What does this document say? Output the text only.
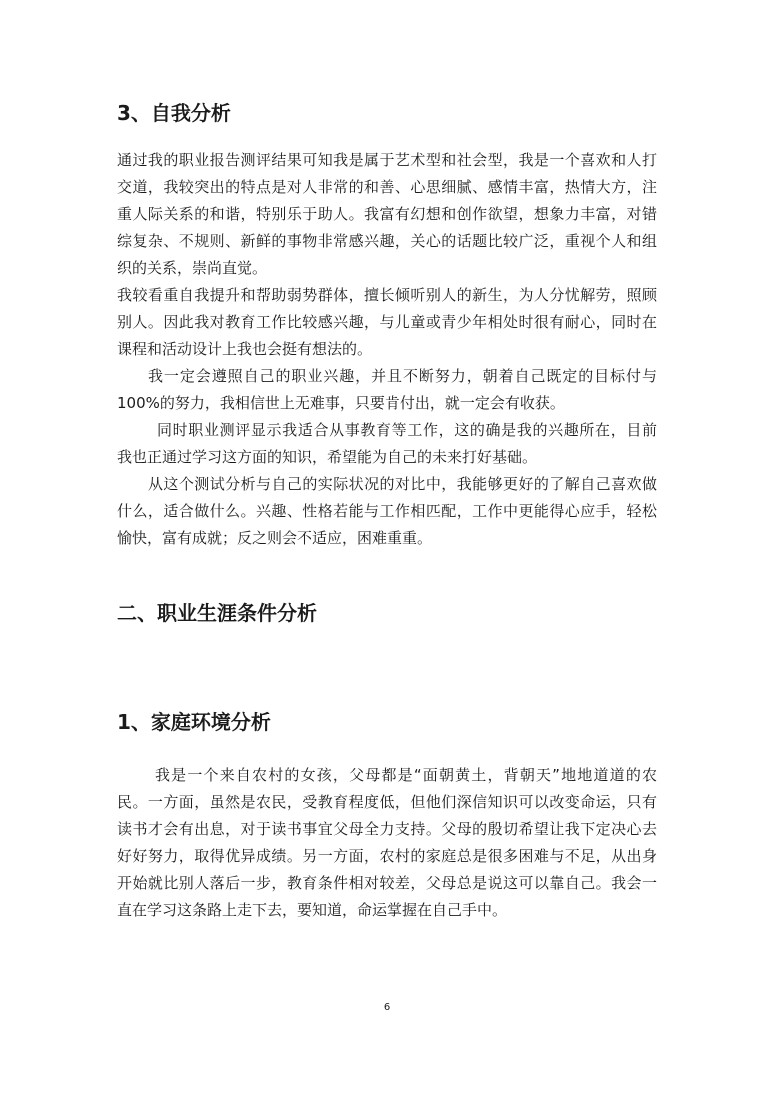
3、自我分析
通过我的职业报告测评结果可知我是属于艺术型和社会型，我是一个喜欢和人打
交道，我较突出的特点是对人非常的和善、心思细腻、感情丰富，热情大方，注
重人际关系的和谐，特别乐于助人。我富有幻想和创作欲望，想象力丰富，对错
综复杂、不规则、新鲜的事物非常感兴趣，关心的话题比较广泛，重视个人和组
织的关系，崇尚直觉。
我较看重自我提升和帮助弱势群体，擅长倾听别人的新生，为人分忧解劳，照顾
别人。因此我对教育工作比较感兴趣，与儿童或青少年相处时很有耐心，同时在
课程和活动设计上我也会挺有想法的。
我一定会遵照自己的职业兴趣，并且不断努力，朝着自己既定的目标付与
100%的努力，我相信世上无难事，只要肯付出，就一定会有收获。
同时职业测评显示我适合从事教育等工作，这的确是我的兴趣所在，目前
我也正通过学习这方面的知识，希望能为自己的未来打好基础。
从这个测试分析与自己的实际状况的对比中，我能够更好的了解自己喜欢做
什么，适合做什么。兴趣、性格若能与工作相匹配，工作中更能得心应手，轻松
愉快，富有成就；反之则会不适应，困难重重。
二、职业生涯条件分析
1、家庭环境分析
我是一个来自农村的女孩，父母都是“面朝黄土，背朝天”地地道道的农
民。一方面，虽然是农民，受教育程度低，但他们深信知识可以改变命运，只有
读书才会有出息，对于读书事宜父母全力支持。父母的殷切希望让我下定决心去
好好努力，取得优异成绩。另一方面，农村的家庭总是很多困难与不足，从出身
开始就比别人落后一步，教育条件相对较差，父母总是说这可以靠自己。我会一
直在学习这条路上走下去，要知道，命运掌握在自己手中。
6
